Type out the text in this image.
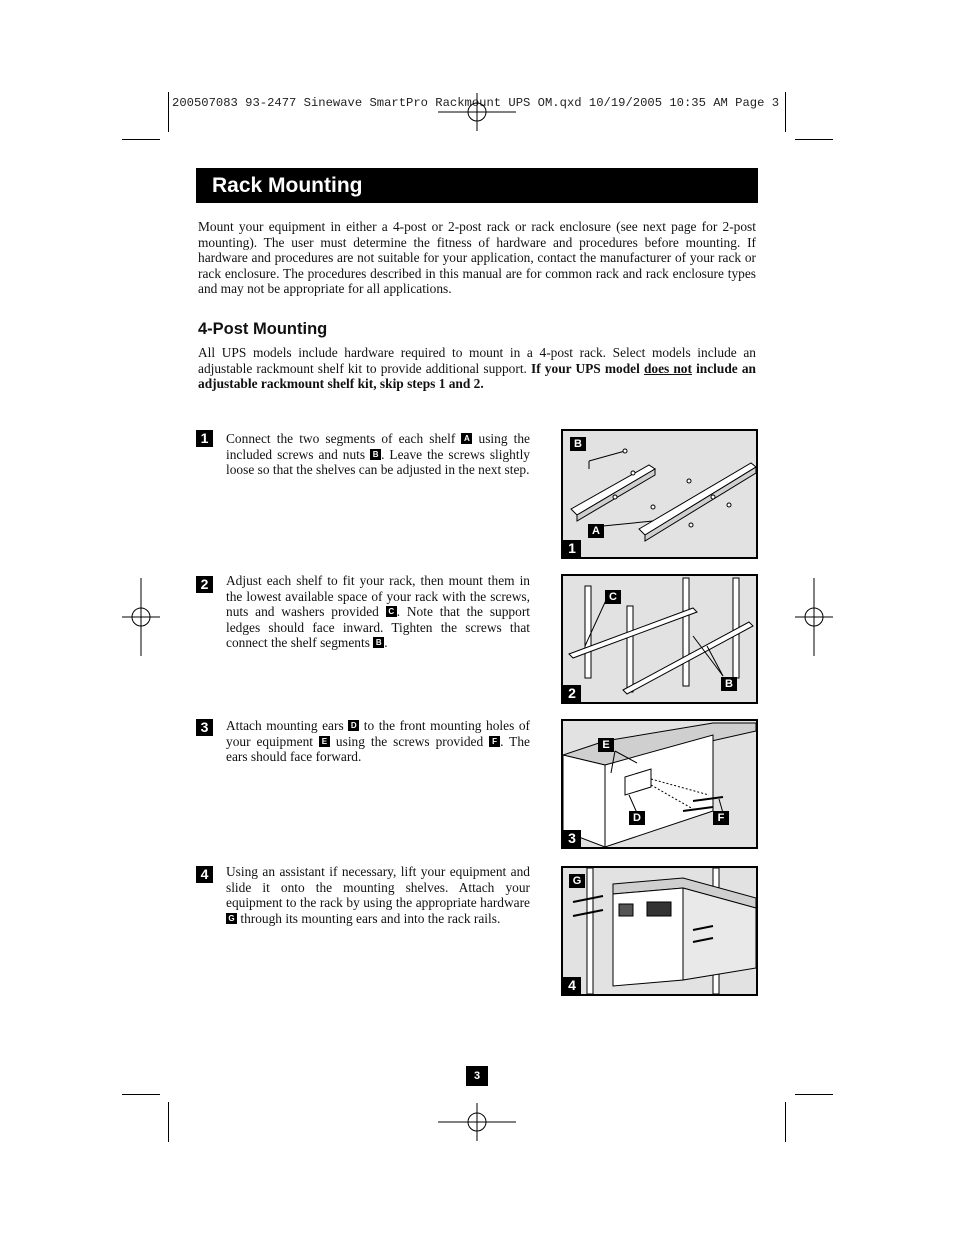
200507083 93-2477 Sinewave SmartPro Rackmount UPS OM.qxd 10/19/2005 10:35 AM Page 3
Rack Mounting
Mount your equipment in either a 4-post or 2-post rack or rack enclosure (see next page for 2-post mounting). The user must determine the fitness of hardware and procedures before mounting. If hardware and procedures are not suitable for your application, contact the manufacturer of your rack or rack enclosure. The procedures described in this manual are for common rack and rack enclosure types and may not be appropriate for all applications.
4-Post Mounting
All UPS models include hardware required to mount in a 4-post rack. Select models include an adjustable rackmount shelf kit to provide additional support. If your UPS model does not include an adjustable rackmount shelf kit, skip steps 1 and 2.
1	Connect the two segments of each shelf A using the included screws and nuts B . Leave the screws slightly loose so that the shelves can be adjusted in the next step.
B
A
1
2	Adjust each shelf to fit your rack, then mount them in the lowest available space of your rack with the screws, nuts and washers provided C . Note that the support ledges should face inward. Tighten the screws that connect the shelf segments B .
C
B
2
3	Attach mounting ears D to the front mounting holes of your equipment E using the screws provided F . The ears should face forward.
E
D	F
3
4	Using an assistant if necessary, lift your equipment and slide it onto the mounting shelves. Attach your equipment to the rack by using the appropriate hardware G through its mounting ears and into the rack rails.
G
4
3
